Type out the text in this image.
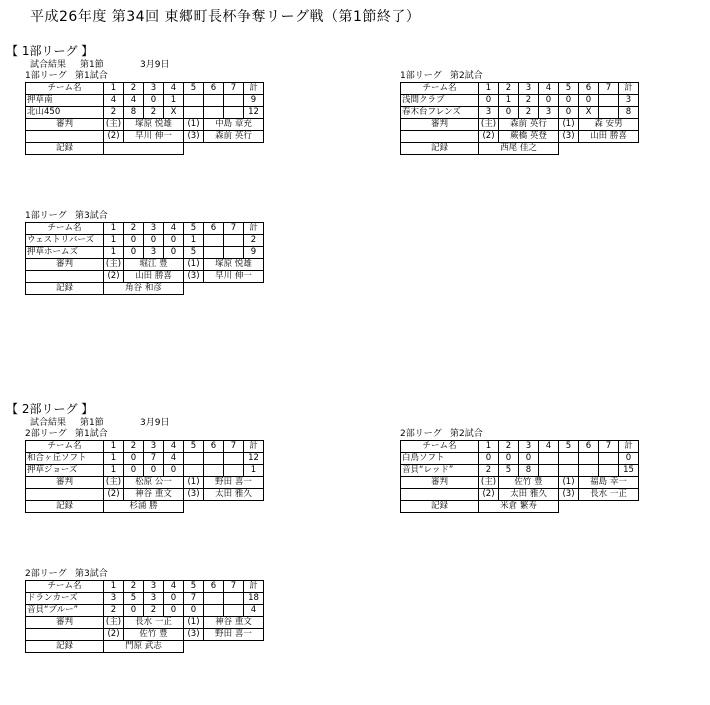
平成26年度 第34回 東郷町長杯争奪リーグ戦（第1節終了）
【 1部リーグ 】
試合結果 第1節	3月9日
1部リーグ 第1試合
チーム名	1	2	3	4	5	6	7	計
押草南	4	4	0	1				9
北山450	2	8	2	X				12
審判	(主)	塚原 悦雄			(1)	中島 章充		
	(2)	早川 伸一			(3)	森前 英行		
記録								
1部リーグ 第2試合
チーム名	1	2	3	4	5	6	7	計
浅間クラブ	0	1	2	0	0	0		3
春木台フレンズ	3	0	2	3	0	X		8
審判	(主)	森前 英行			(1)	森 安男		
	(2)	蕨橋 英登			(3)	山田 勝喜		
記録	西尾 佳之							
1部リーグ 第3試合
チーム名	1	2	3	4	5	6	7	計
ウェストリバーズ	1	0	0	0	1			2
押草ホームズ	1	0	3	0	5			9
審判	(主)	堀江 豊			(1)	塚原 悦雄		
	(2)	山田 勝喜			(3)	早川 伸一		
記録	角谷 和彦							
【 2部リーグ 】
試合結果 第1節	3月9日
2部リーグ 第1試合
チーム名	1	2	3	4	5	6	7	計
和合ヶ丘ソフト	1	0	7	4				12
押草ジョーズ	1	0	0	0				1
審判	(主)	松原 公一			(1)	野田 喜一		
	(2)	神谷 重文			(3)	太田 雅久		
記録	杉浦 勝							
2部リーグ 第2試合
チーム名	1	2	3	4	5	6	7	計
白鳥ソフト	0	0	0					0
音貝“レッド”	2	5	8					15
審判	(主)	佐竹 豊			(1)	福島 幸一		
	(2)	太田 雅久			(3)	長水 一正		
記録	米倉 繁寿							
2部リーグ 第3試合
チーム名	1	2	3	4	5	6	7	計
ドランカーズ	3	5	3	0	7			18
音貝“ブルー”	2	0	2	0	0			4
審判	(主)	長水 一正			(1)	神谷 重文		
	(2)	佐竹 豊			(3)	野田 喜一		
記録	門原 武志							
